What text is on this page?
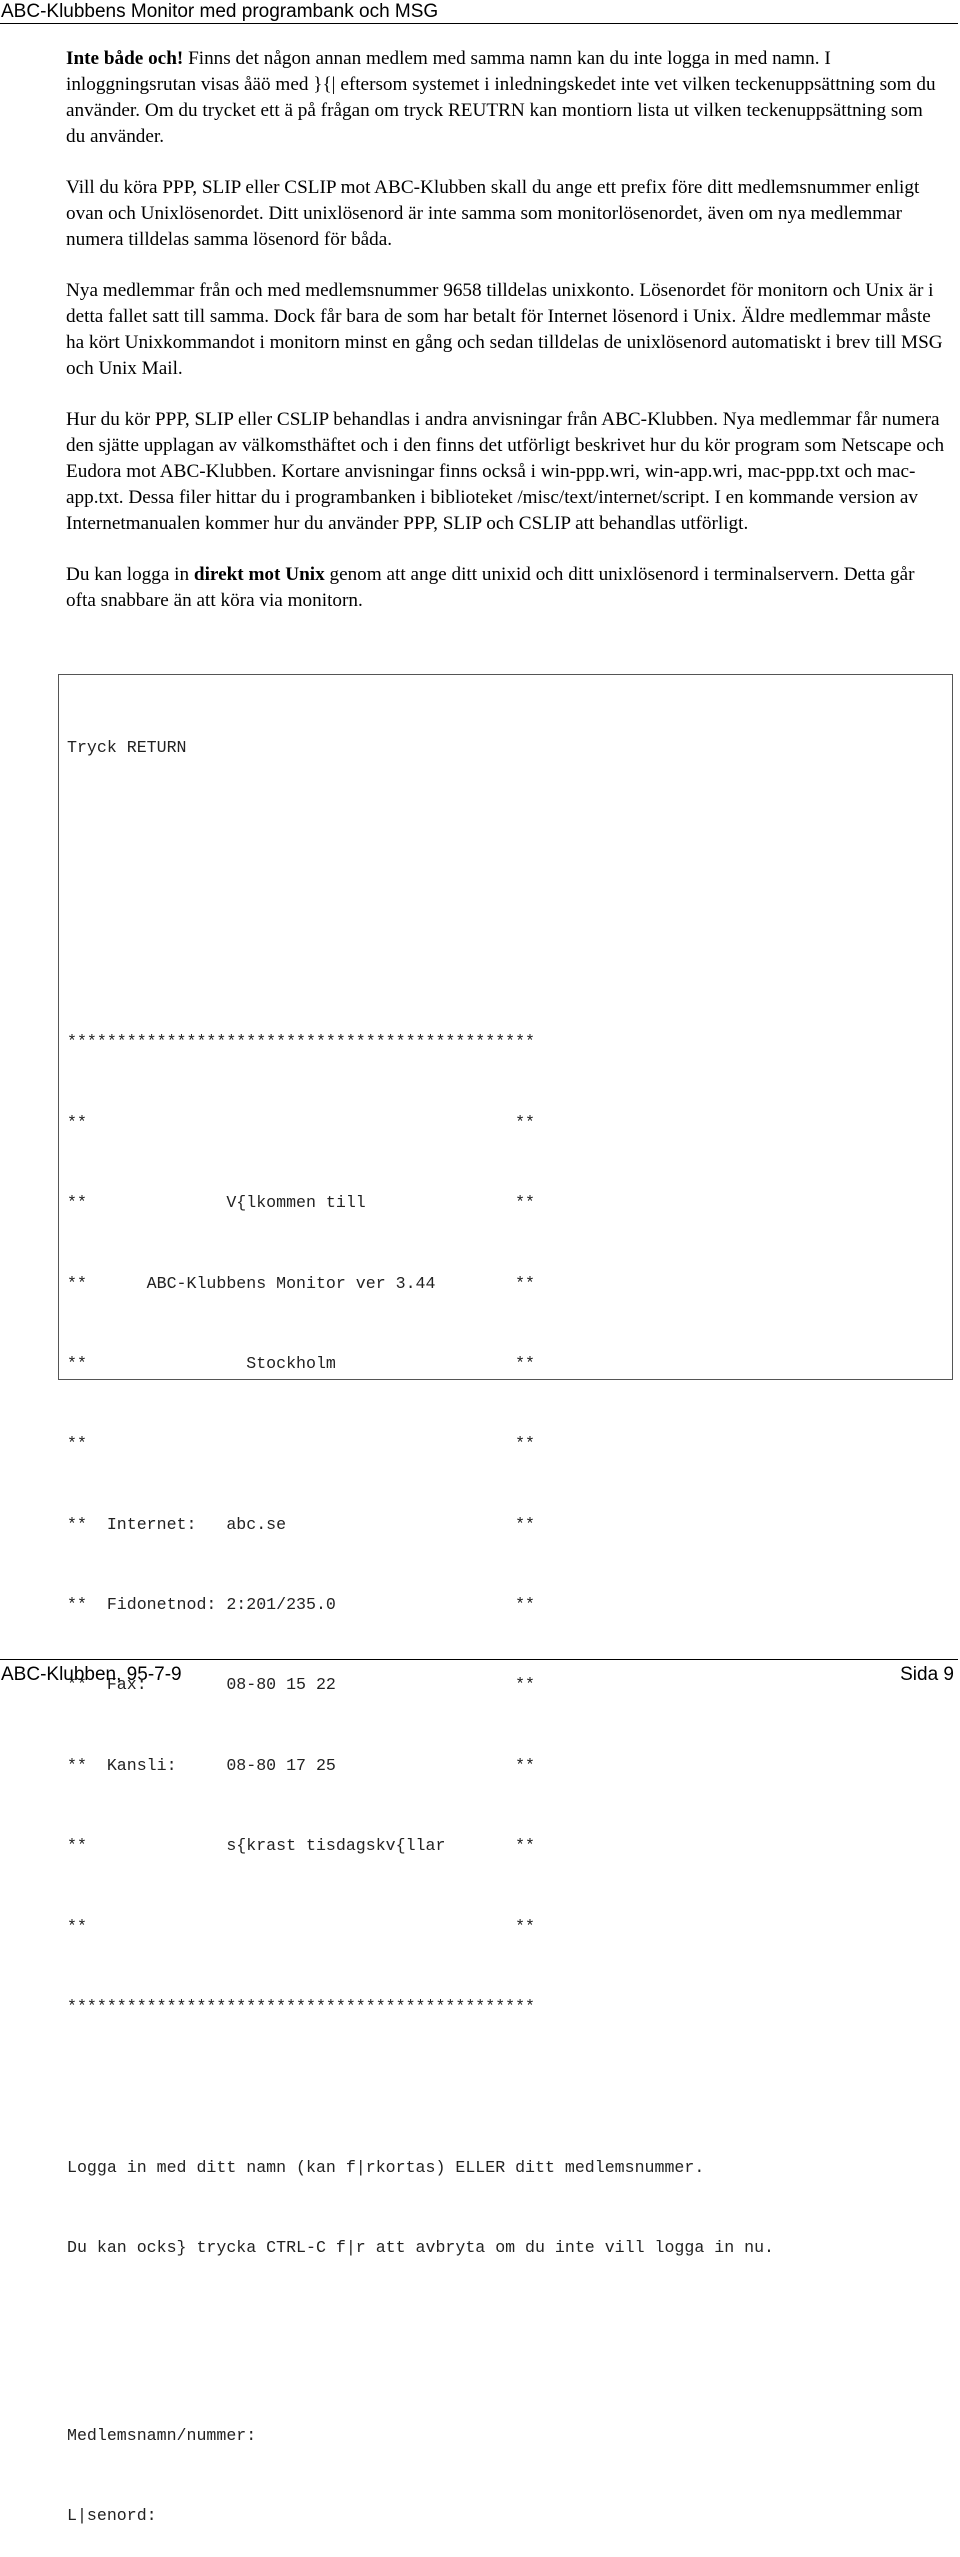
ABC-Klubbens Monitor med programbank och MSG

Inte både och! Finns det någon annan medlem med samma namn kan du inte logga in med namn. I inloggningsrutan visas åäö med }{| eftersom systemet i inledningskedet inte vet vilken teckenuppsättning som du använder. Om du trycket ett ä på frågan om tryck REUTRN kan montiorn lista ut vilken teckenuppsättning som du använder.

Vill du köra PPP, SLIP eller CSLIP mot ABC-Klubben skall du ange ett prefix före ditt medlemsnummer enligt ovan och Unixlösenordet. Ditt unixlösenord är inte samma som monitorlösenordet, även om nya medlemmar numera tilldelas samma lösenord för båda.

Nya medlemmar från och med medlemsnummer 9658 tilldelas unixkonto. Lösenordet för monitorn och Unix är i detta fallet satt till samma. Dock får bara de som har betalt för Internet lösenord i Unix. Äldre medlemmar måste ha kört Unixkommandot i monitorn minst en gång och sedan tilldelas de unixlösenord automatiskt i brev till MSG och Unix Mail.

Hur du kör PPP, SLIP eller CSLIP behandlas i andra anvisningar från ABC-Klubben. Nya medlemmar får numera den sjätte upplagan av välkomsthäftet och i den finns det utförligt beskrivet hur du kör program som Netscape och Eudora mot ABC-Klubben. Kortare anvisningar finns också i win-ppp.wri, win-app.wri, mac-ppp.txt och mac-app.txt. Dessa filer hittar du i programbanken i biblioteket /misc/text/internet/script. I en kommande version av Internetmanualen kommer hur du använder PPP, SLIP och CSLIP att behandlas utförligt.

Du kan logga in direkt mot Unix genom att ange ditt unixid och ditt unixlösenord i terminalservern. Detta går ofta snabbare än att köra via monitorn.

Tryck RETURN

***********************************************

**                                           **

**              V{lkommen till               **

**      ABC-Klubbens Monitor ver 3.44        **

**                Stockholm                  **

**                                           **

**  Internet:   abc.se                       **

**  Fidonetnod: 2:201/235.0                  **

**  Fax:        08-80 15 22                  **

**  Kansli:     08-80 17 25                  **

**              s{krast tisdagskv{llar       **

**                                           **

***********************************************

Logga in med ditt namn (kan f|rkortas) ELLER ditt medlemsnummer.

Du kan ocks} trycka CTRL-C f|r att avbryta om du inte vill logga in nu.

Medlemsnamn/nummer:

L|senord:

ABC-Klubben, 95-7-9	Sida 9
